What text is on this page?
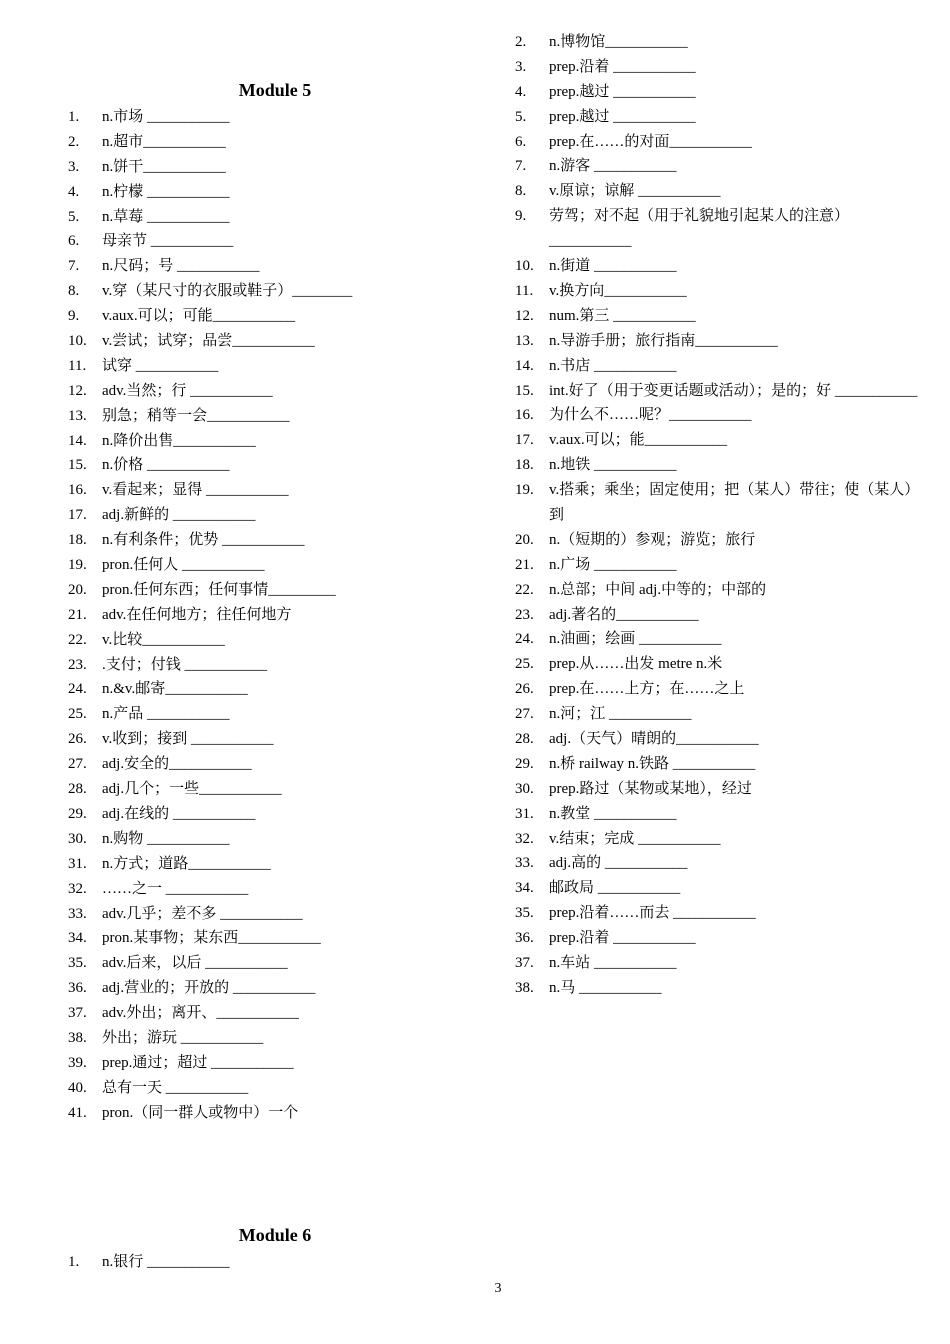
Module 5
1.	n.市场 ___________
2.	n.超市___________
3.	n.饼干___________
4.	n.柠檬 ___________
5.	n.草莓 ___________
6.	母亲节 ___________
7.	n.尺码；号 ___________
8.	v.穿（某尺寸的衣服或鞋子）________
9.	v.aux.可以；可能___________
10.	v.尝试；试穿；品尝___________
11.	试穿 ___________
12.	adv.当然；行 ___________
13.	别急；稍等一会___________
14.	n.降价出售___________
15.	n.价格 ___________
16.	v.看起来；显得 ___________
17.	adj.新鲜的 ___________
18.	n.有利条件；优势 ___________
19.	pron.任何人 ___________
20.	pron.任何东西；任何事情_________
21.	adv.在任何地方；往任何地方
22.	v.比较___________
23.	.支付；付钱 ___________
24.	n.&v.邮寄___________
25.	n.产品 ___________
26.	v.收到；接到 ___________
27.	adj.安全的___________
28.	adj.几个；一些___________
29.	adj.在线的 ___________
30.	n.购物 ___________
31.	n.方式；道路___________
32.	……之一 ___________
33.	adv.几乎；差不多 ___________
34.	pron.某事物；某东西___________
35.	adv.后来，以后 ___________
36.	adj.营业的；开放的 ___________
37.	adv.外出；离开、___________
38.	外出；游玩 ___________
39.	prep.通过；超过 ___________
40.	总有一天 ___________
41.	pron.（同一群人或物中）一个
Module 6
1.	n.银行 ___________
2.	n.博物馆___________
3.	prep.沿着 ___________
4.	prep.越过 ___________
5.	prep.越过 ___________
6.	prep.在……的对面___________
7.	n.游客 ___________
8.	v.原谅；谅解 ___________
9.	劳驾；对不起（用于礼貌地引起某人的注意）___________
10.	n.街道 ___________
11.	v.换方向___________
12.	num.第三 ___________
13.	n.导游手册；旅行指南___________
14.	n.书店 ___________
15.	int.好了（用于变更话题或活动）；是的；好 ___________
16.	为什么不……呢？___________
17.	v.aux.可以；能___________
18.	n.地铁 ___________
19.	v.搭乘；乘坐；固定使用；把（某人）带往；使（某人）到
20.	n.（短期的）参观；游览；旅行
21.	n.广场 ___________
22.	n.总部；中间 adj.中等的；中部的
23.	adj.著名的___________
24.	n.油画；绘画 ___________
25.	prep.从……出发 metre n.米
26.	prep.在……上方；在……之上
27.	n.河；江 ___________
28.	adj.（天气）晴朗的___________
29.	n.桥 railway n.铁路 ___________
30.	prep.路过（某物或某地），经过
31.	n.教堂 ___________
32.	v.结束；完成 ___________
33.	adj.高的 ___________
34.	邮政局 ___________
35.	prep.沿着……而去 ___________
36.	prep.沿着 ___________
37.	n.车站 ___________
38.	n.马 ___________
3
